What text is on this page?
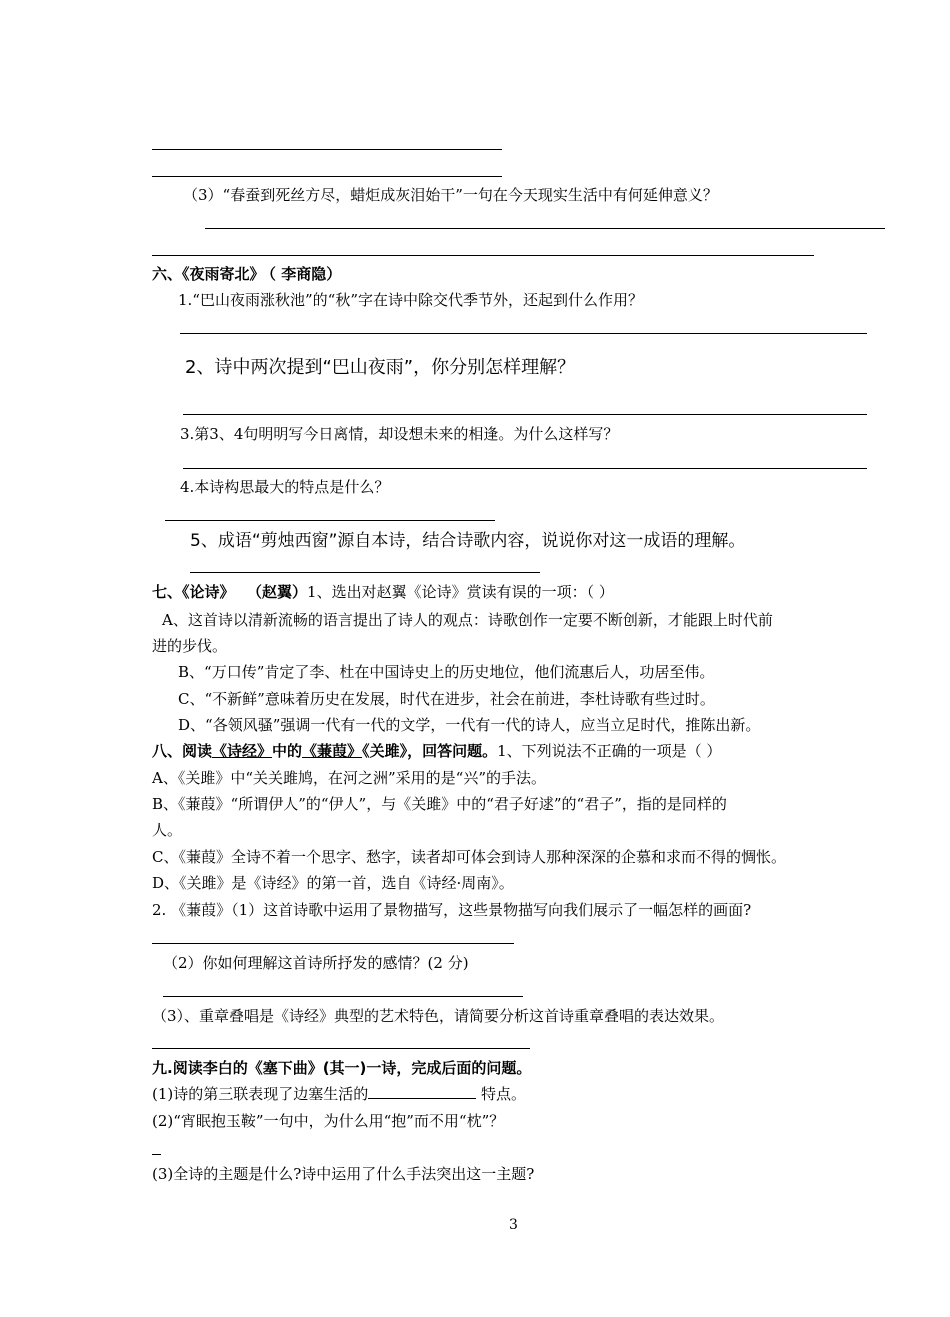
（3）“春蚕到死丝方尽，蜡炬成灰泪始干”一句在今天现实生活中有何延伸意义？
六、《夜雨寄北》 （ 李商隐）
1.“巴山夜雨涨秋池”的“秋”字在诗中除交代季节外，还起到什么作用？
2、诗中两次提到“巴山夜雨”，你分别怎样理解？
3.第3、4句明明写今日离情，却设想未来的相逢。为什么这样写？
4.本诗构思最大的特点是什么？
5、成语“剪烛西窗”源自本诗，结合诗歌内容，说说你对这一成语的理解。
七、《论诗》 （赵翼）1、选出对赵翼《论诗》赏读有误的一项：（ ）
A、这首诗以清新流畅的语言提出了诗人的观点：诗歌创作一定要不断创新，才能跟上时代前
进的步伐。
B、“万口传”肯定了李、杜在中国诗史上的历史地位，他们流惠后人，功居至伟。
C、“不新鲜”意味着历史在发展，时代在进步，社会在前进，李杜诗歌有些过时。
D、“各领风骚”强调一代有一代的文学，一代有一代的诗人，应当立足时代，推陈出新。
八、阅读《诗经》中的《蒹葭》《关雎》，回答问题。1、下列说法不正确的一项是（ ）
A、《关雎》中“关关雎鸠，在河之洲”采用的是“兴”的手法。
B、《蒹葭》“所谓伊人”的“伊人”，与《关雎》中的“君子好逑”的“君子”，指的是同样的
人。
C、《蒹葭》全诗不着一个思字、愁字，读者却可体会到诗人那种深深的企慕和求而不得的惆怅。
D、《关雎》是《诗经》的第一首，选自《诗经·周南》。
2. 《蒹葭》（1）这首诗歌中运用了景物描写，这些景物描写向我们展示了一幅怎样的画面?
（2）你如何理解这首诗所抒发的感情？(2 分)
（3）、重章叠唱是《诗经》典型的艺术特色，请简要分析这首诗重章叠唱的表达效果。
九.阅读李白的《塞下曲》(其一)一诗，完成后面的问题。
(1)诗的第三联表现了边塞生活的	特点。
(2)“宵眠抱玉鞍”一句中，为什么用“抱”而不用“枕”？
(3)全诗的主题是什么?诗中运用了什么手法突出这一主题?
3
